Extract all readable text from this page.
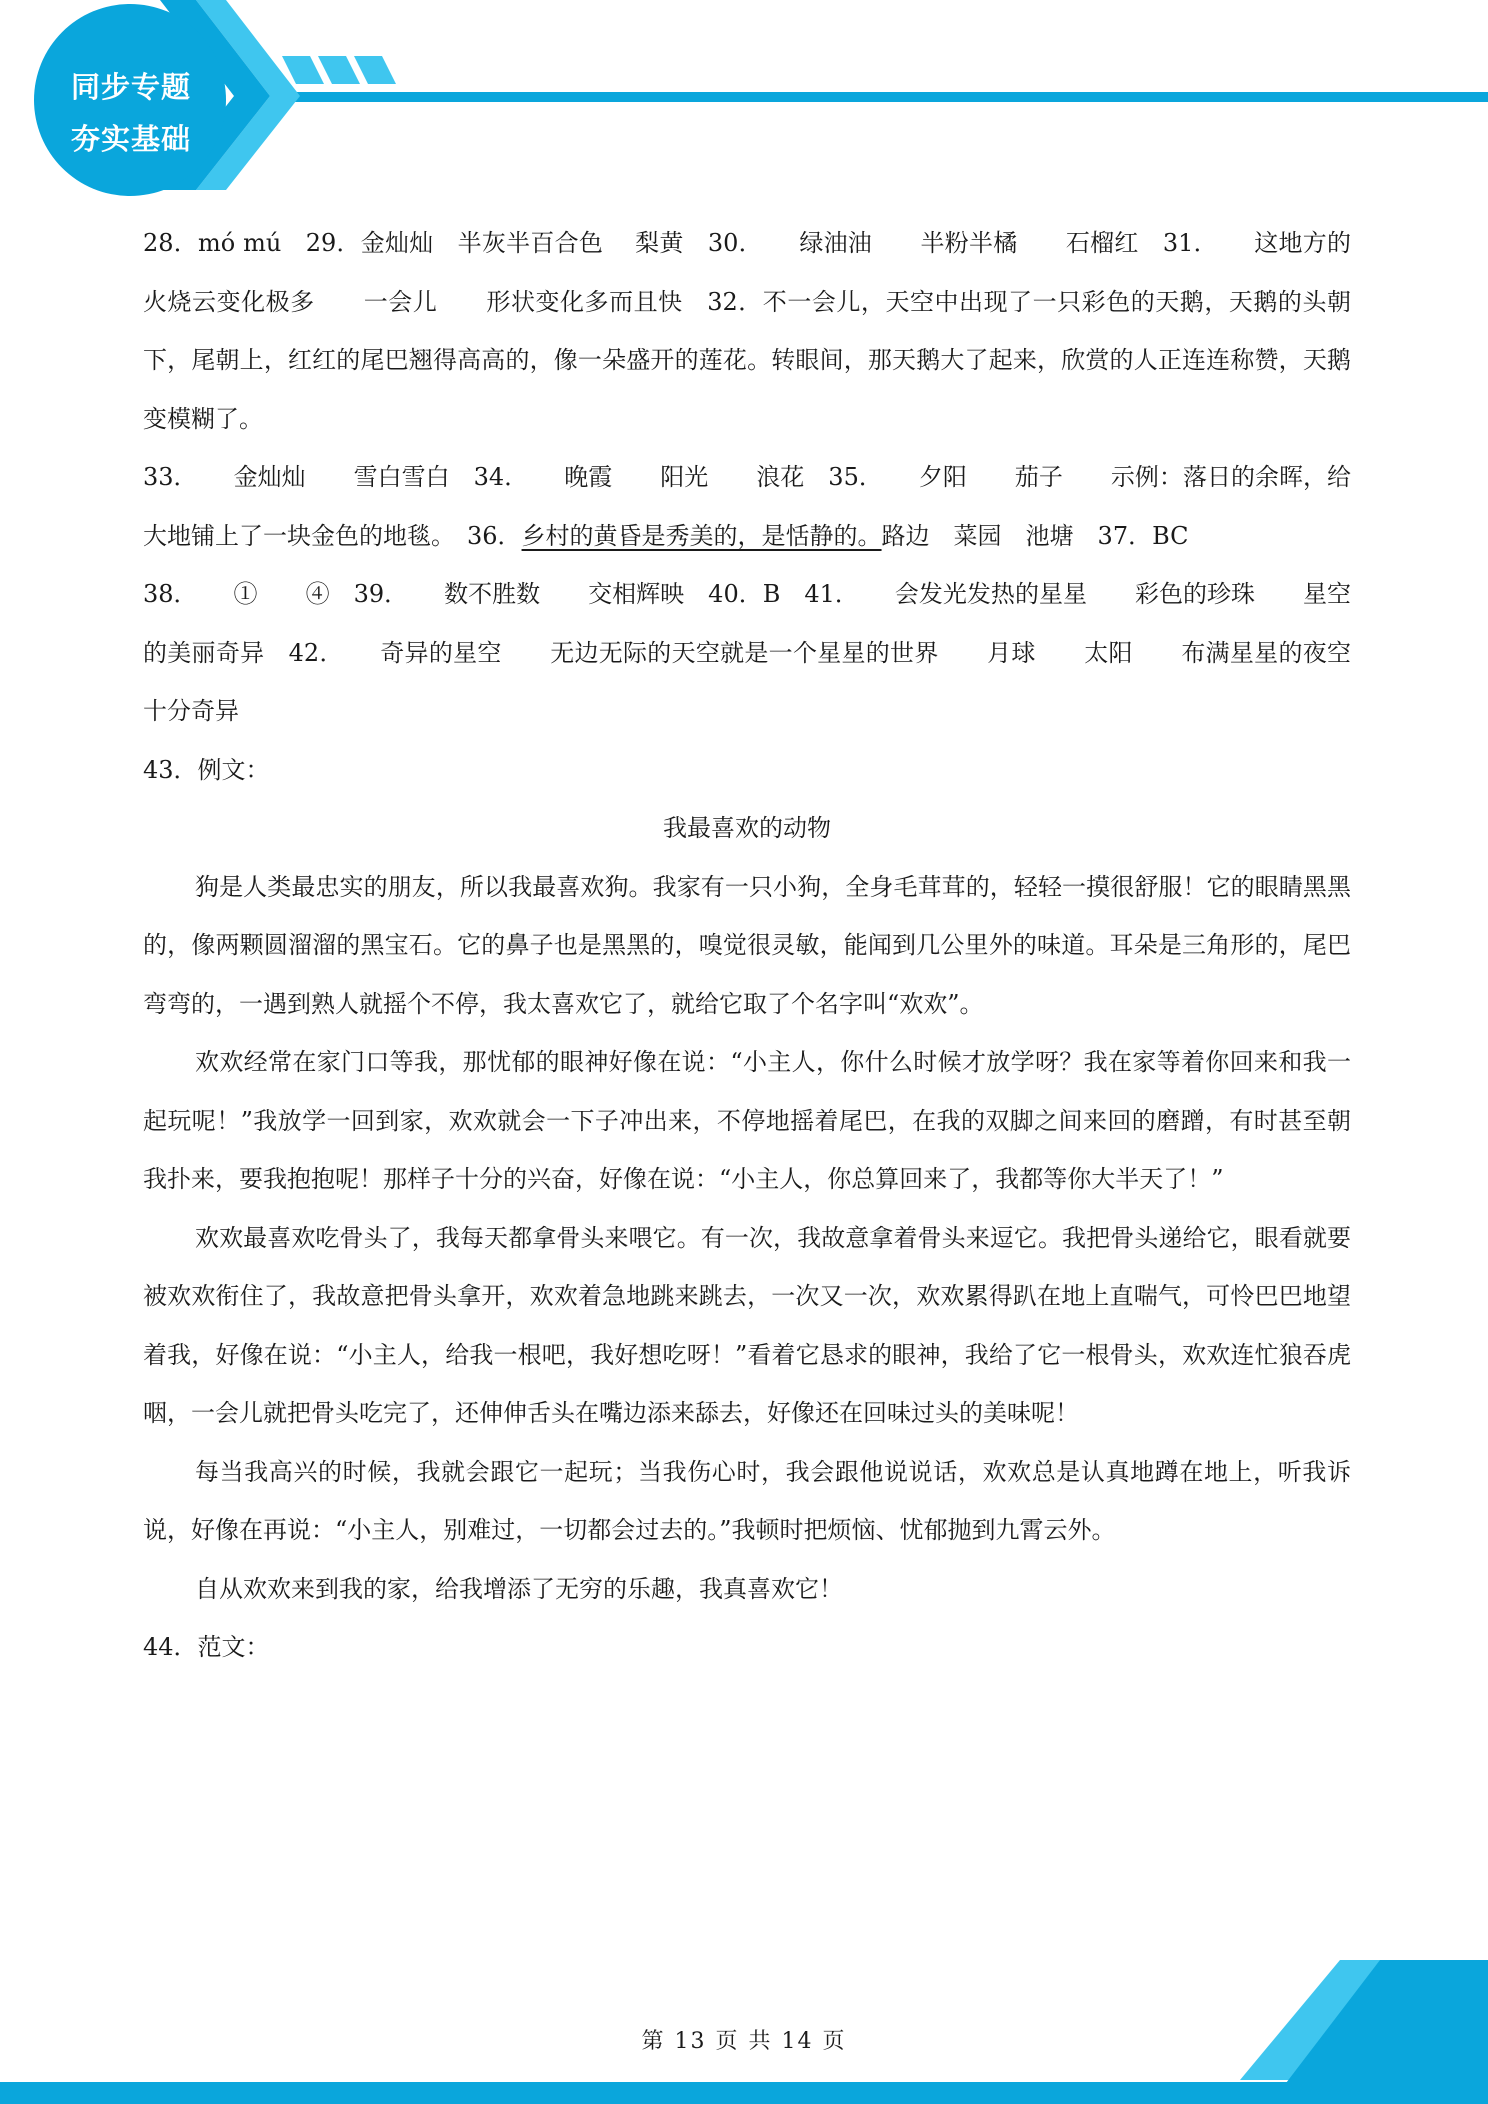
同步专题
夯实基础

28．mó mú　29．金灿灿　半灰半百合色　 梨黄　30．　　绿油油　　半粉半橘　　石榴红　31．　　这地方的火烧云变化极多　　一会儿　　形状变化多而且快　32．不一会儿，天空中出现了一只彩色的天鹅，天鹅的头朝下，尾朝上，红红的尾巴翘得高高的，像一朵盛开的莲花。转眼间，那天鹅大了起来，欣赏的人正连连称赞，天鹅变模糊了。

33．　　金灿灿　　雪白雪白　34．　　晚霞　　阳光　　浪花　35．　　夕阳　　茄子　　示例：落日的余晖，给大地铺上了一块金色的地毯。　36．乡村的黄昏是秀美的，是恬静的。路边　菜园　池塘　37．BC

38．　　①　　④　39．　　数不胜数　　交相辉映　40．B　41．　　会发光发热的星星　　彩色的珍珠　　星空的美丽奇异　42．　　奇异的星空　　无边无际的天空就是一个星星的世界　　月球　　太阳　　布满星星的夜空十分奇异

43．例文：

我最喜欢的动物

狗是人类最忠实的朋友，所以我最喜欢狗。我家有一只小狗，全身毛茸茸的，轻轻一摸很舒服！它的眼睛黑黑的，像两颗圆溜溜的黑宝石。它的鼻子也是黑黑的，嗅觉很灵敏，能闻到几公里外的味道。耳朵是三角形的，尾巴弯弯的，一遇到熟人就摇个不停，我太喜欢它了，就给它取了个名字叫“欢欢”。

欢欢经常在家门口等我，那忧郁的眼神好像在说：“小主人，你什么时候才放学呀？我在家等着你回来和我一起玩呢！”我放学一回到家，欢欢就会一下子冲出来，不停地摇着尾巴，在我的双脚之间来回的磨蹭，有时甚至朝我扑来，要我抱抱呢！那样子十分的兴奋，好像在说：“小主人，你总算回来了，我都等你大半天了！”

欢欢最喜欢吃骨头了，我每天都拿骨头来喂它。有一次，我故意拿着骨头来逗它。我把骨头递给它，眼看就要被欢欢衔住了，我故意把骨头拿开，欢欢着急地跳来跳去，一次又一次，欢欢累得趴在地上直喘气，可怜巴巴地望着我，好像在说：“小主人，给我一根吧，我好想吃呀！”看着它恳求的眼神，我给了它一根骨头，欢欢连忙狼吞虎咽，一会儿就把骨头吃完了，还伸伸舌头在嘴边添来舔去，好像还在回味过头的美味呢！

每当我高兴的时候，我就会跟它一起玩；当我伤心时，我会跟他说说话，欢欢总是认真地蹲在地上，听我诉说，好像在再说：“小主人，别难过，一切都会过去的。”我顿时把烦恼、忧郁抛到九霄云外。

自从欢欢来到我的家，给我增添了无穷的乐趣，我真喜欢它！

44．范文：

第 13 页 共 14 页
